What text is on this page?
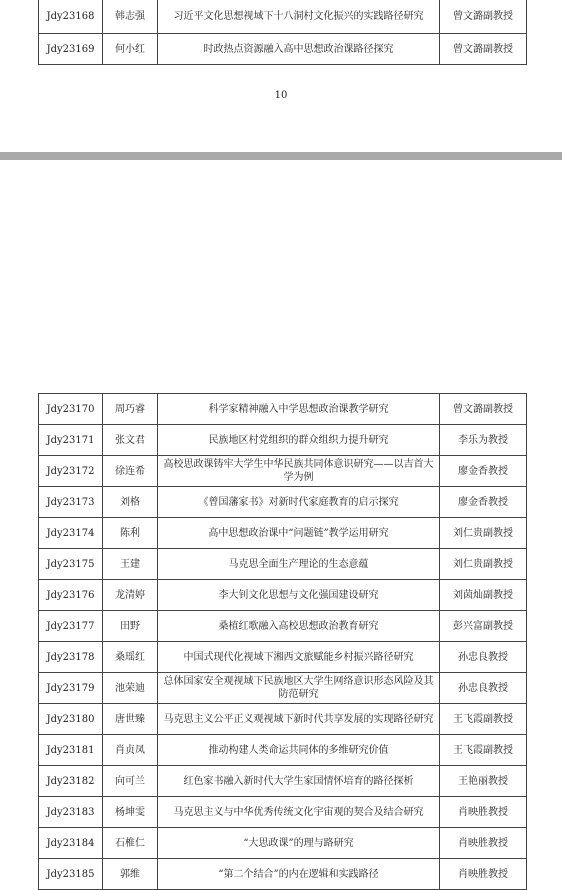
Jdy23168	韩志强	习近平文化思想视域下十八洞村文化振兴的实践路径研究	曾文潞副教授
Jdy23169	何小红	时政热点资源融入高中思想政治课路径探究	曾文潞副教授
10
Jdy23170	周巧睿	科学家精神融入中学思想政治课教学研究	曾文潞副教授
Jdy23171	张文君	民族地区村党组织的群众组织力提升研究	李乐为教授
Jdy23172	徐连希	高校思政课铸牢大学生中华民族共同体意识研究——以吉首大学为例	廖金香教授
Jdy23173	刘格	《曾国藩家书》对新时代家庭教育的启示探究	廖金香教授
Jdy23174	陈利	高中思想政治课中“问题链”教学运用研究	刘仁贵副教授
Jdy23175	王建	马克思全面生产理论的生态意蕴	刘仁贵副教授
Jdy23176	龙清婷	李大钊文化思想与文化强国建设研究	刘茵灿副教授
Jdy23177	田野	桑植红歌融入高校思想政治教育研究	彭兴富副教授
Jdy23178	桑瑶红	中国式现代化视域下湘西文旅赋能乡村振兴路径研究	孙忠良教授
Jdy23179	池荣迪	总体国家安全观视域下民族地区大学生网络意识形态风险及其防范研究	孙忠良教授
Jdy23180	唐世臻	马克思主义公平正义观视域下新时代共享发展的实现路径研究	王飞霞副教授
Jdy23181	肖贞凤	推动构建人类命运共同体的多维研究价值	王飞霞副教授
Jdy23182	向可兰	红色家书融入新时代大学生家国情怀培育的路径探析	王艳丽教授
Jdy23183	杨坤雯	马克思主义与中华优秀传统文化宇宙观的契合及结合研究	肖映胜教授
Jdy23184	石椎仁	“大思政课”的理与路研究	肖映胜教授
Jdy23185	郭维	“第二个结合”的内在逻辑和实践路径	肖映胜教授
